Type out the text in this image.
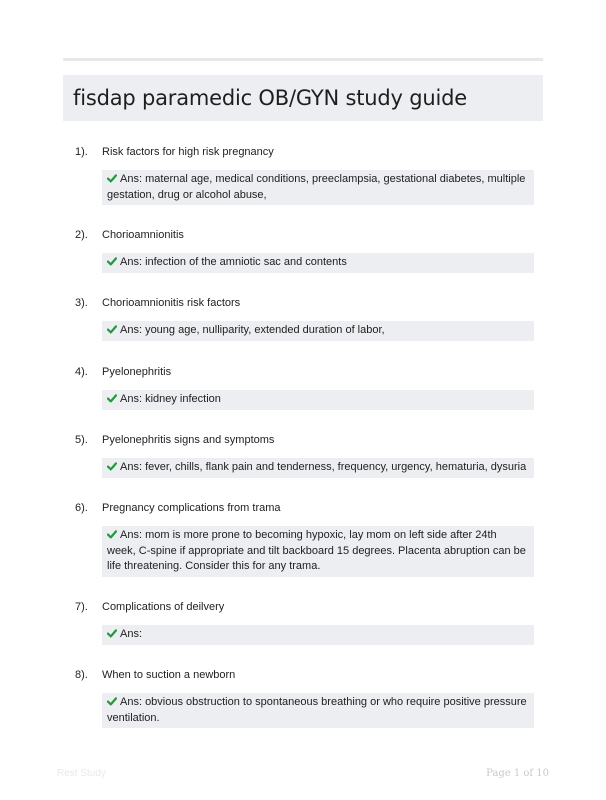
fisdap paramedic OB/GYN study guide
1). Risk factors for high risk pregnancy
Ans: maternal age, medical conditions, preeclampsia, gestational diabetes, multiple gestation, drug or alcohol abuse,
2). Chorioamnionitis
Ans: infection of the amniotic sac and contents
3). Chorioamnionitis risk factors
Ans: young age, nulliparity, extended duration of labor,
4). Pyelonephritis
Ans: kidney infection
5). Pyelonephritis signs and symptoms
Ans: fever, chills, flank pain and tenderness, frequency, urgency, hematuria, dysuria
6). Pregnancy complications from trama
Ans: mom is more prone to becoming hypoxic, lay mom on left side after 24th week, C-spine if appropriate and tilt backboard 15 degrees. Placenta abruption can be life threatening. Consider this for any trama.
7). Complications of deilvery
Ans:
8). When to suction a newborn
Ans: obvious obstruction to spontaneous breathing or who require positive pressure ventilation.
Rest Study	Page 1 of 10
